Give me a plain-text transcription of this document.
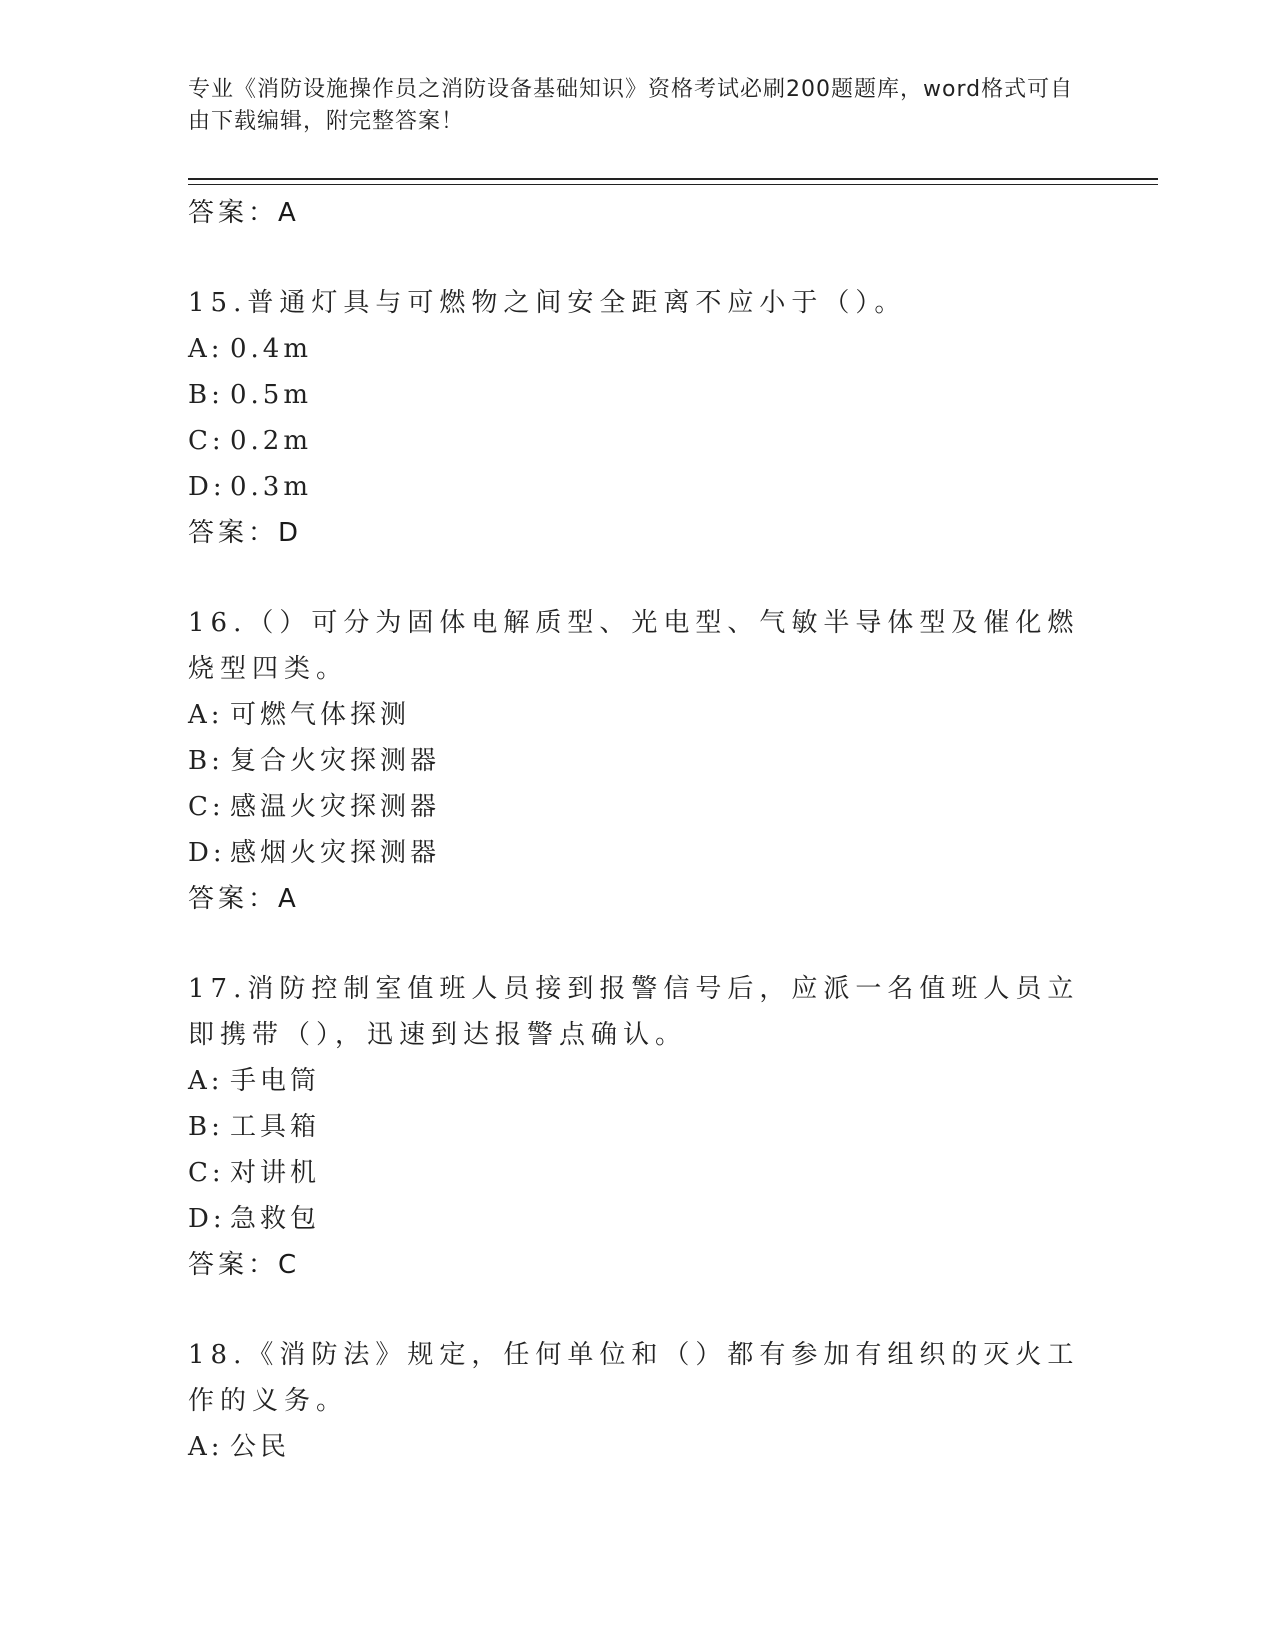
专业《消防设施操作员之消防设备基础知识》资格考试必刷200题题库，word格式可自由下载编辑，附完整答案！
答案：A
15.普通灯具与可燃物之间安全距离不应小于（）。
A: 0.4m
B: 0.5m
C: 0.2m
D: 0.3m
答案：D
16.（）可分为固体电解质型、光电型、气敏半导体型及催化燃烧型四类。
A: 可燃气体探测
B: 复合火灾探测器
C: 感温火灾探测器
D: 感烟火灾探测器
答案：A
17.消防控制室值班人员接到报警信号后，应派一名值班人员立即携带（），迅速到达报警点确认。
A: 手电筒
B: 工具箱
C: 对讲机
D: 急救包
答案：C
18.《消防法》规定，任何单位和（）都有参加有组织的灭火工作的义务。
A: 公民
